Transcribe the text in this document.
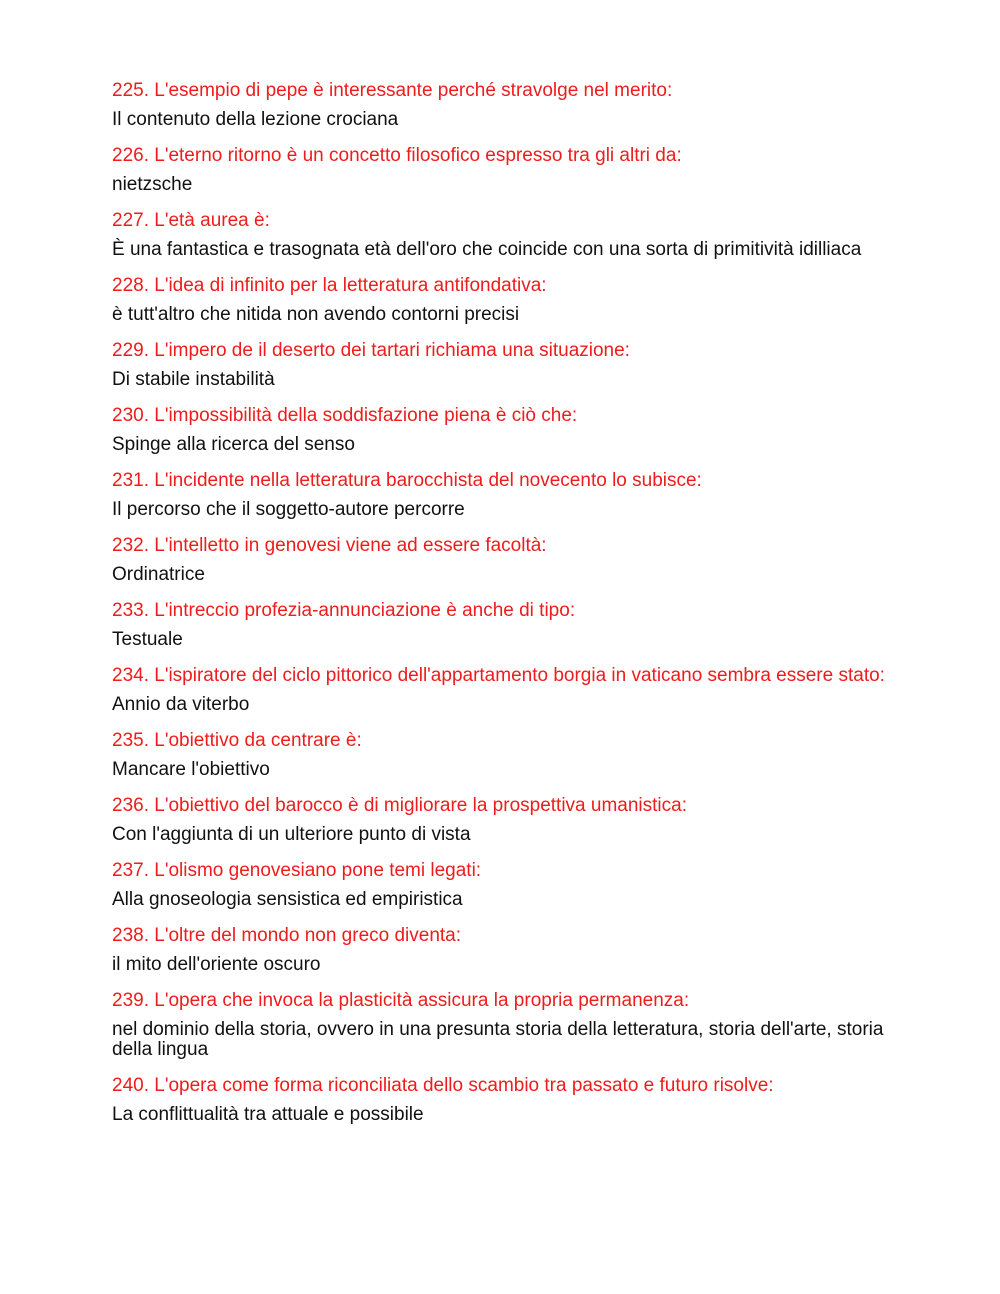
225. L'esempio di pepe è interessante perché stravolge nel merito:

Il contenuto della lezione crociana

226. L'eterno ritorno è un concetto filosofico espresso tra gli altri da:

nietzsche

227. L'età aurea è:

È una fantastica e trasognata età dell'oro che coincide con una sorta di primitività idilliaca

228. L'idea di infinito per la letteratura antifondativa:

è tutt'altro che nitida non avendo contorni precisi

229. L'impero de il deserto dei tartari richiama una situazione:

Di stabile instabilità

230. L'impossibilità della soddisfazione piena è ciò che:

Spinge alla ricerca del senso

231. L'incidente nella letteratura barocchista del novecento lo subisce:

Il percorso che il soggetto-autore percorre

232. L'intelletto in genovesi viene ad essere facoltà:

Ordinatrice

233. L'intreccio profezia-annunciazione è anche di tipo:

Testuale

234. L'ispiratore del ciclo pittorico dell'appartamento borgia in vaticano sembra essere stato:

Annio da viterbo

235. L'obiettivo da centrare è:

Mancare l'obiettivo

236. L'obiettivo del barocco è di migliorare la prospettiva umanistica:

Con l'aggiunta di un ulteriore punto di vista

237. L'olismo genovesiano pone temi legati:

Alla gnoseologia sensistica ed empiristica

238. L'oltre del mondo non greco diventa:

il mito dell'oriente oscuro

239. L'opera che invoca la plasticità assicura la propria permanenza:

nel dominio della storia, ovvero in una presunta storia della letteratura, storia dell'arte, storia della lingua

240. L'opera come forma riconciliata dello scambio tra passato e futuro risolve:

La conflittualità tra attuale e possibile
